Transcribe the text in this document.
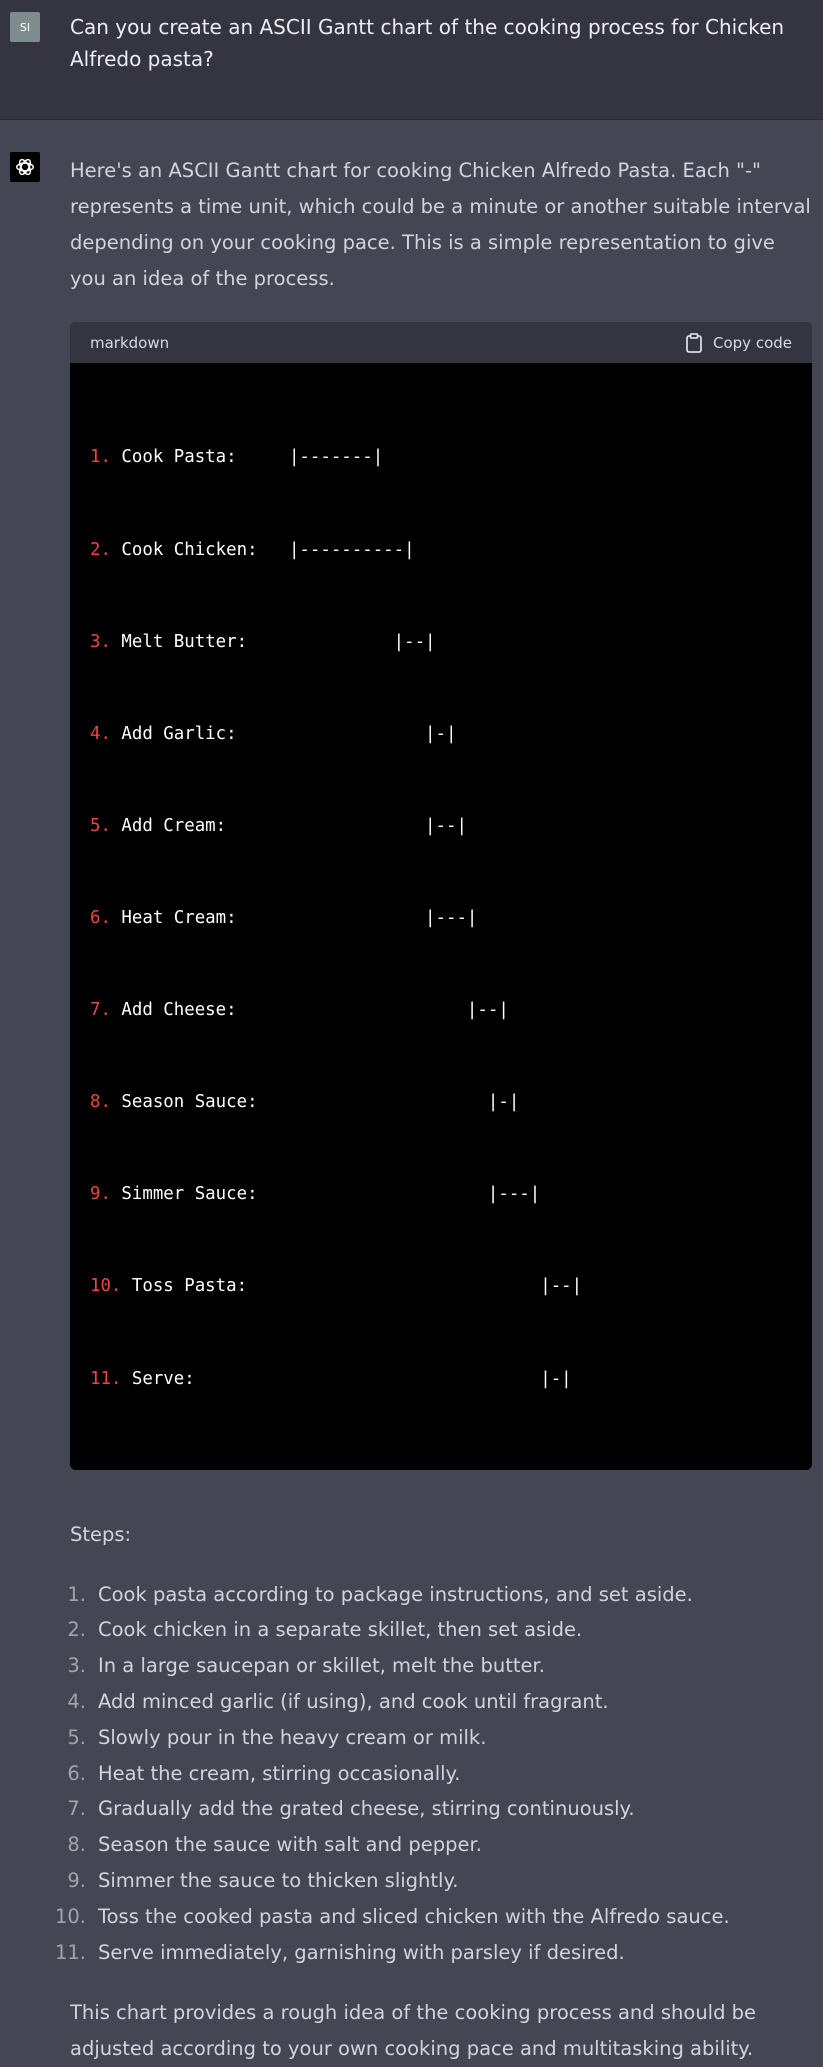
SI	Can you create an ASCII Gantt chart of the cooking process for Chicken Alfredo pasta?

Here's an ASCII Gantt chart for cooking Chicken Alfredo Pasta. Each "-" represents a time unit, which could be a minute or another suitable interval depending on your cooking pace. This is a simple representation to give you an idea of the process.

markdown	Copy code

1. Cook Pasta:     |-------|

2. Cook Chicken:   |----------|

3. Melt Butter:              |--|

4. Add Garlic:                  |-|

5. Add Cream:                   |--|

6. Heat Cream:                  |---|

7. Add Cheese:                      |--|

8. Season Sauce:                      |-|

9. Simmer Sauce:                      |---|

10. Toss Pasta:                            |--|

11. Serve:                                 |-|

Steps:

1. Cook pasta according to package instructions, and set aside.
2. Cook chicken in a separate skillet, then set aside.
3. In a large saucepan or skillet, melt the butter.
4. Add minced garlic (if using), and cook until fragrant.
5. Slowly pour in the heavy cream or milk.
6. Heat the cream, stirring occasionally.
7. Gradually add the grated cheese, stirring continuously.
8. Season the sauce with salt and pepper.
9. Simmer the sauce to thicken slightly.
10. Toss the cooked pasta and sliced chicken with the Alfredo sauce.
11. Serve immediately, garnishing with parsley if desired.

This chart provides a rough idea of the cooking process and should be adjusted according to your own cooking pace and multitasking ability.
